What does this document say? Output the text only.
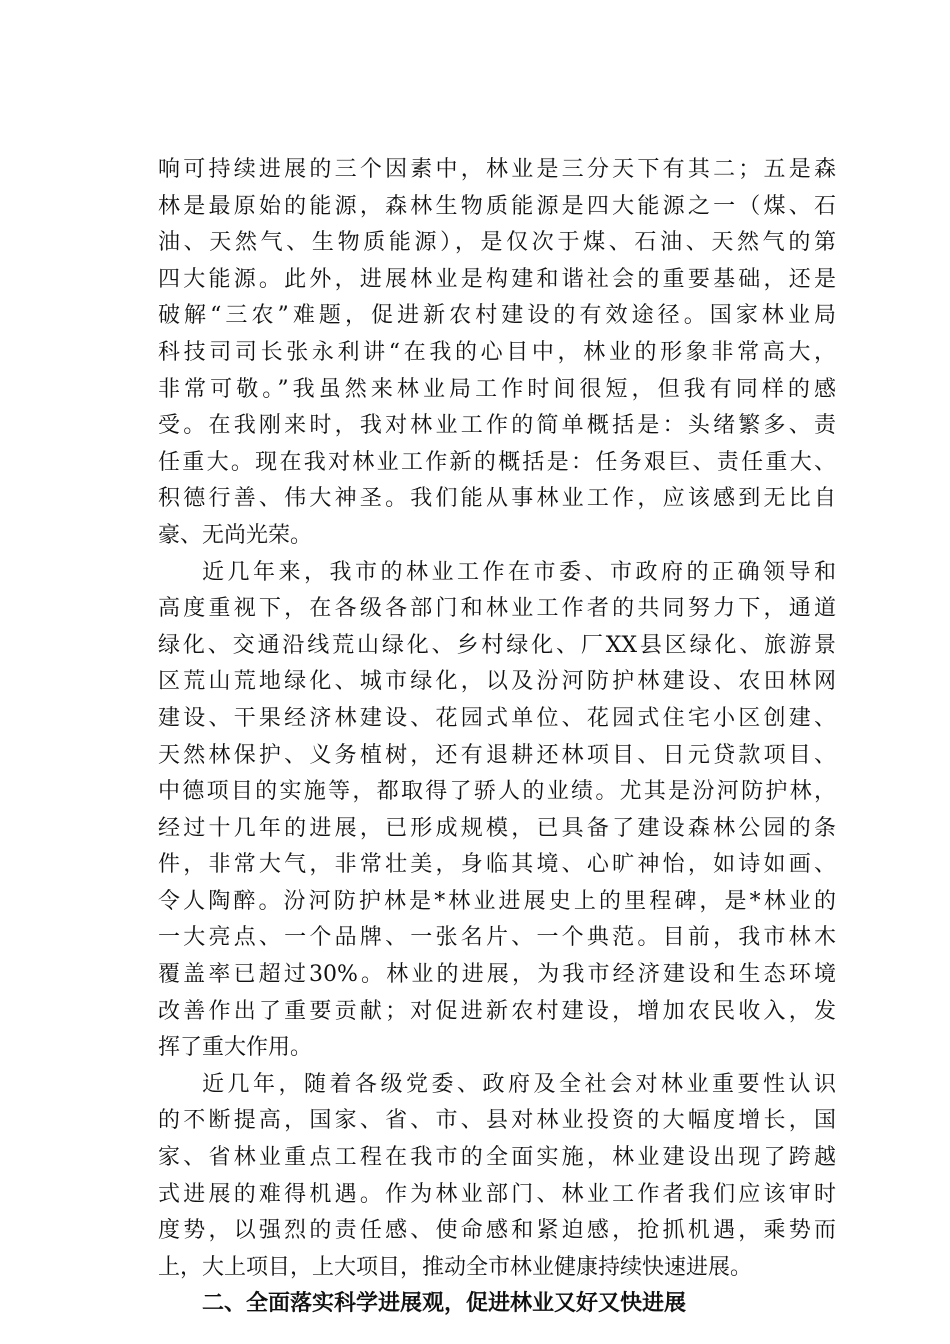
响可持续进展的三个因素中，林业是三分天下有其二；五是森
林是最原始的能源，森林生物质能源是四大能源之一（煤、石
油、天然气、生物质能源），是仅次于煤、石油、天然气的第
四大能源。此外，进展林业是构建和谐社会的重要基础，还是
破解“三农”难题，促进新农村建设的有效途径。国家林业局
科技司司长张永利讲“在我的心目中，林业的形象非常高大，
非常可敬。”我虽然来林业局工作时间很短，但我有同样的感
受。在我刚来时，我对林业工作的简单概括是：头绪繁多、责
任重大。现在我对林业工作新的概括是：任务艰巨、责任重大、
积德行善、伟大神圣。我们能从事林业工作，应该感到无比自
豪、无尚光荣。
近几年来，我市的林业工作在市委、市政府的正确领导和
高度重视下，在各级各部门和林业工作者的共同努力下，通道
绿化、交通沿线荒山绿化、乡村绿化、厂XX县区绿化、旅游景
区荒山荒地绿化、城市绿化，以及汾河防护林建设、农田林网
建设、干果经济林建设、花园式单位、花园式住宅小区创建、
天然林保护、义务植树，还有退耕还林项目、日元贷款项目、
中德项目的实施等，都取得了骄人的业绩。尤其是汾河防护林，
经过十几年的进展，已形成规模，已具备了建设森林公园的条
件，非常大气，非常壮美，身临其境、心旷神怡，如诗如画、
令人陶醉。汾河防护林是*林业进展史上的里程碑，是*林业的
一大亮点、一个品牌、一张名片、一个典范。目前，我市林木
覆盖率已超过30%。林业的进展，为我市经济建设和生态环境
改善作出了重要贡献；对促进新农村建设，增加农民收入，发
挥了重大作用。
近几年，随着各级党委、政府及全社会对林业重要性认识
的不断提高，国家、省、市、县对林业投资的大幅度增长，国
家、省林业重点工程在我市的全面实施，林业建设出现了跨越
式进展的难得机遇。作为林业部门、林业工作者我们应该审时
度势，以强烈的责任感、使命感和紧迫感，抢抓机遇，乘势而
上，大上项目，上大项目，推动全市林业健康持续快速进展。
二、全面落实科学进展观，促进林业又好又快进展
